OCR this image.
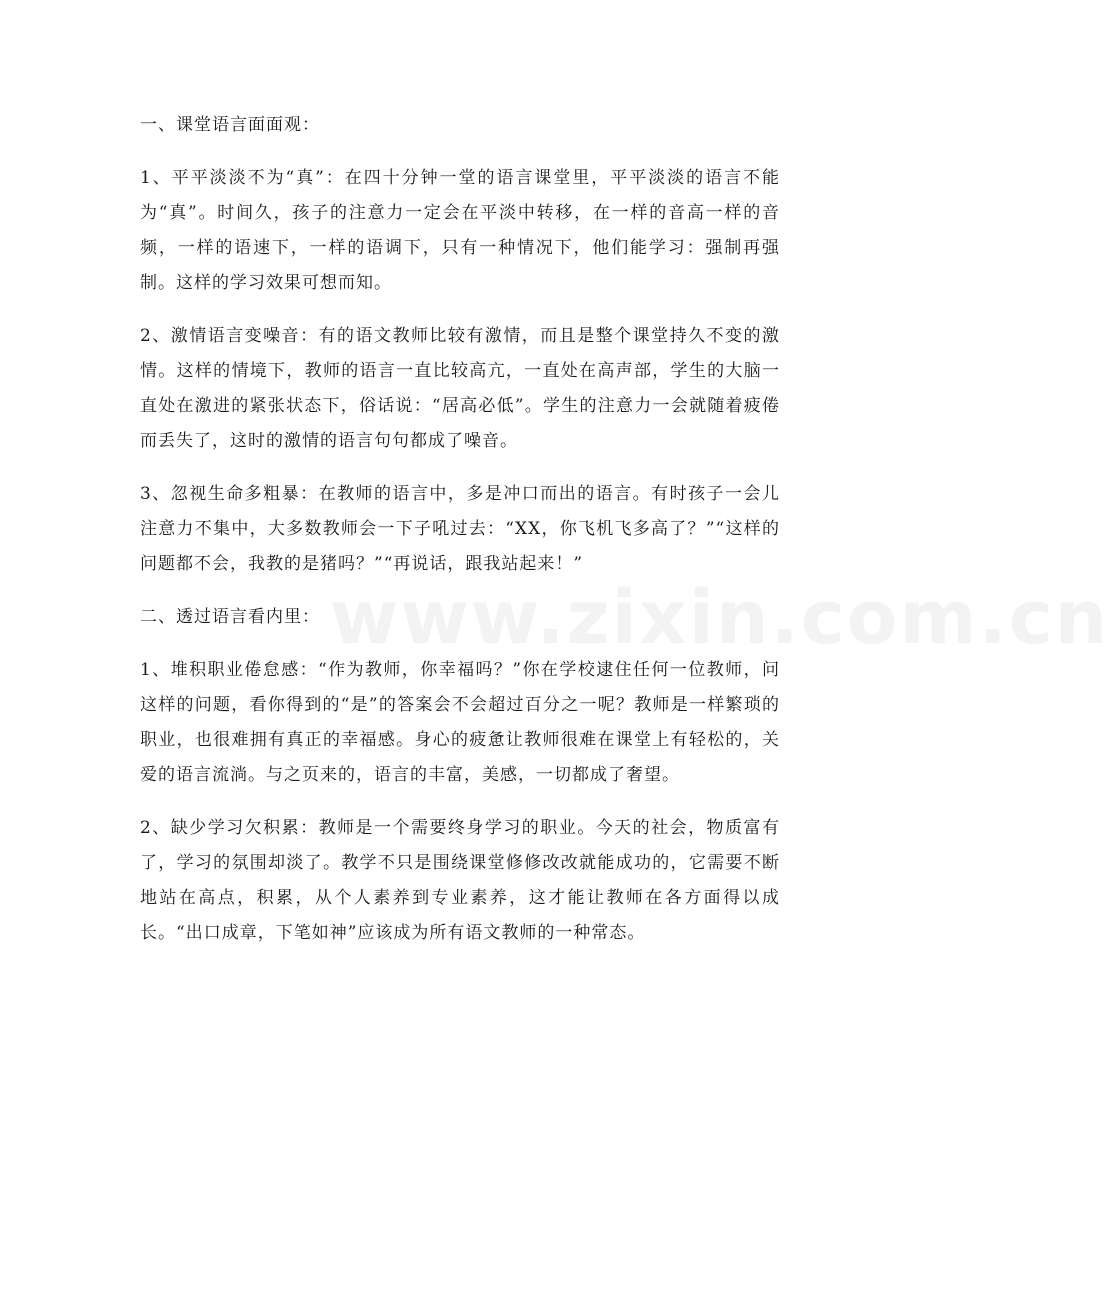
www.zixin.com.cn

一、课堂语言面面观：

1、平平淡淡不为“真”：在四十分钟一堂的语言课堂里，平平淡淡的语言不能为“真”。时间久，孩子的注意力一定会在平淡中转移，在一样的音高一样的音频，一样的语速下，一样的语调下，只有一种情况下，他们能学习：强制再强制。这样的学习效果可想而知。

2、激情语言变噪音：有的语文教师比较有激情，而且是整个课堂持久不变的激情。这样的情境下，教师的语言一直比较高亢，一直处在高声部，学生的大脑一直处在激进的紧张状态下，俗话说：“居高必低”。学生的注意力一会就随着疲倦而丢失了，这时的激情的语言句句都成了噪音。

3、忽视生命多粗暴：在教师的语言中，多是冲口而出的语言。有时孩子一会儿注意力不集中，大多数教师会一下子吼过去：“XX，你飞机飞多高了？”“这样的问题都不会，我教的是猪吗？”“再说话，跟我站起来！”

二、透过语言看内里：

1、堆积职业倦怠感：“作为教师，你幸福吗？”你在学校逮住任何一位教师，问这样的问题，看你得到的“是”的答案会不会超过百分之一呢？教师是一样繁琐的职业，也很难拥有真正的幸福感。身心的疲惫让教师很难在课堂上有轻松的，关爱的语言流淌。与之页来的，语言的丰富，美感，一切都成了奢望。

2、缺少学习欠积累：教师是一个需要终身学习的职业。今天的社会，物质富有了，学习的氛围却淡了。教学不只是围绕课堂修修改改就能成功的，它需要不断地站在高点，积累，从个人素养到专业素养，这才能让教师在各方面得以成长。“出口成章，下笔如神”应该成为所有语文教师的一种常态。
